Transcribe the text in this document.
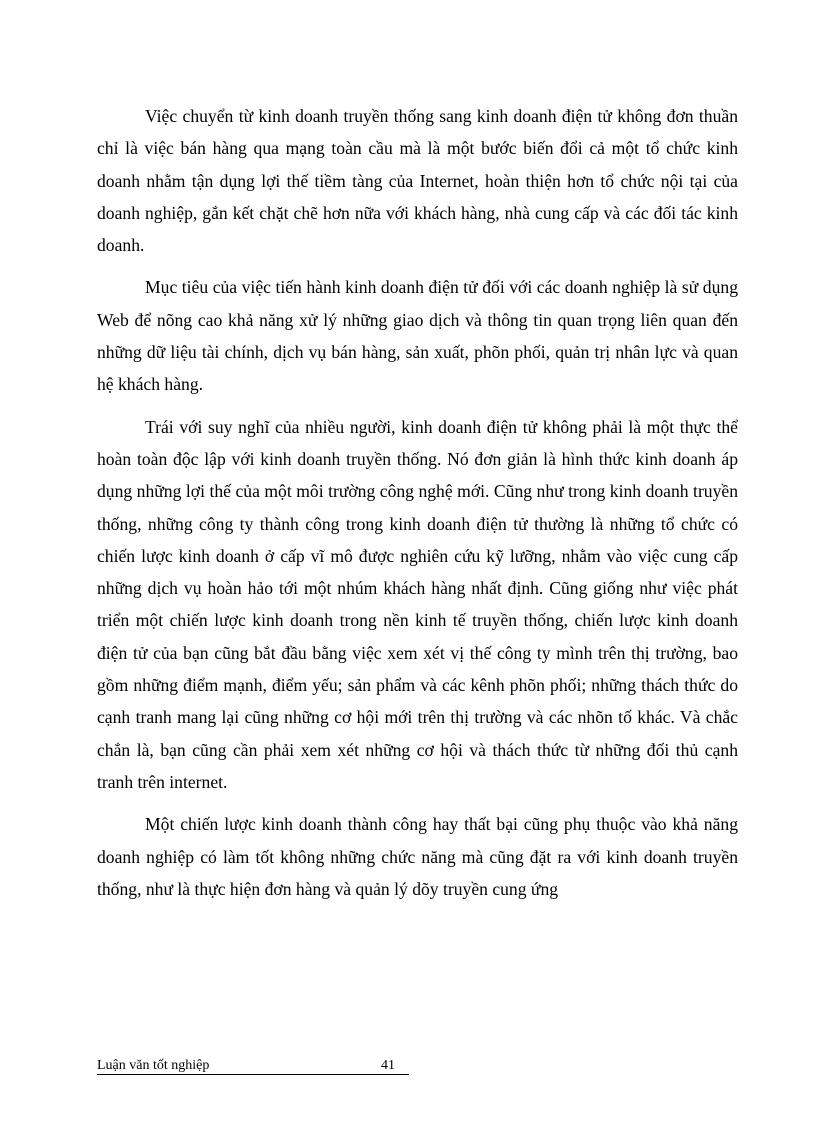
Việc chuyển từ kinh doanh truyền thống sang kinh doanh điện tử không đơn thuần chỉ là việc bán hàng qua mạng toàn cầu mà là một bước biến đổi cả một tổ chức kinh doanh nhằm tận dụng lợi thế tiềm tàng của Internet, hoàn thiện hơn tổ chức nội tại của doanh nghiệp, gắn kết chặt chẽ hơn nữa với khách hàng, nhà cung cấp và các đối tác kinh doanh.

Mục tiêu của việc tiến hành kinh doanh điện tử đối với các doanh nghiệp là sử dụng Web để nõng cao khả năng xử lý những giao dịch và thông tin quan trọng liên quan đến những dữ liệu tài chính, dịch vụ bán hàng, sản xuất, phõn phối, quản trị nhân lực và quan hệ khách hàng.

Trái với suy nghĩ của nhiều người, kinh doanh điện tử không phải là một thực thể hoàn toàn độc lập với kinh doanh truyền thống. Nó đơn giản là hình thức kinh doanh áp dụng những lợi thế của một môi trường công nghệ mới. Cũng như trong kinh doanh truyền thống, những công ty thành công trong kinh doanh điện tử thường là những tổ chức có chiến lược kinh doanh ở cấp vĩ mô được nghiên cứu kỹ lưỡng, nhằm vào việc cung cấp những dịch vụ hoàn hảo tới một nhúm khách hàng nhất định. Cũng giống như việc phát triển một chiến lược kinh doanh trong nền kinh tế truyền thống, chiến lược kinh doanh điện tử của bạn cũng bắt đầu bằng việc xem xét vị thế công ty mình trên thị trường, bao gồm những điểm mạnh, điểm yếu; sản phẩm và các kênh phõn phối; những thách thức do cạnh tranh mang lại cũng những cơ hội mới trên thị trường và các nhõn tố khác. Và chắc chắn là, bạn cũng cần phải xem xét những cơ hội và thách thức từ những đối thủ cạnh tranh trên internet.

Một chiến lược kinh doanh thành công hay thất bại cũng phụ thuộc vào khả năng doanh nghiệp có làm tốt không những chức năng mà cũng đặt ra với kinh doanh truyền thống, như là thực hiện đơn hàng và quản lý dõy truyền cung ứng

Luận văn tốt nghiệp	41
